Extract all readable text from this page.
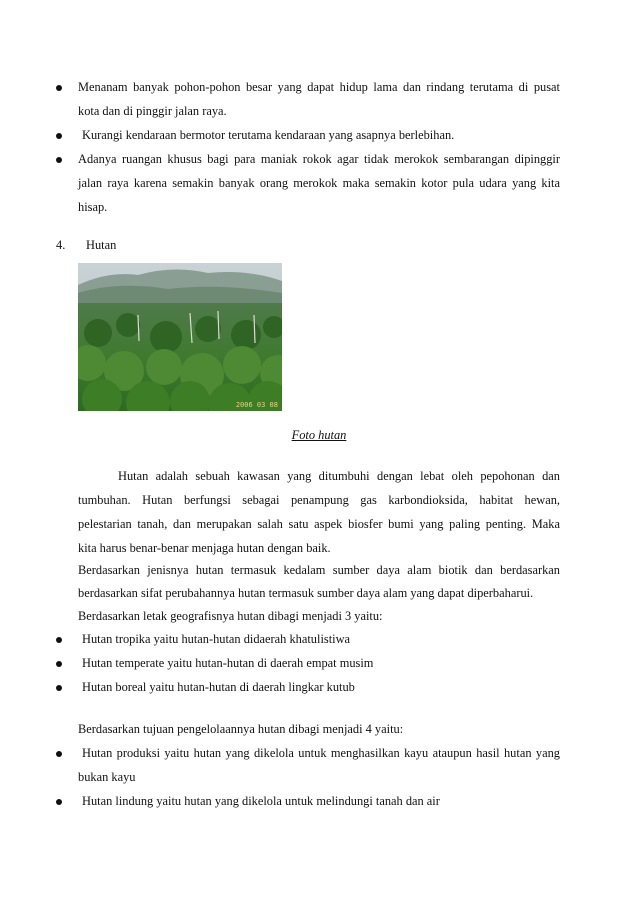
Menanam banyak pohon-pohon besar yang dapat hidup lama dan rindang terutama di pusat
kota dan di pinggir jalan raya.
Kurangi kendaraan bermotor terutama kendaraan yang asapnya berlebihan.
Adanya ruangan khusus bagi para maniak rokok agar tidak merokok sembarangan dipinggir
jalan raya karena semakin banyak orang merokok maka semakin kotor pula udara yang kita
hisap.
4. Hutan
2006 03 08
Foto hutan
Hutan adalah sebuah kawasan yang ditumbuhi dengan lebat oleh pepohonan dan
tumbuhan. Hutan berfungsi sebagai penampung gas karbondioksida, habitat hewan,
pelestarian tanah, dan merupakan salah satu aspek biosfer bumi yang paling penting. Maka
kita harus benar-benar menjaga hutan dengan baik.
Berdasarkan jenisnya hutan termasuk kedalam sumber daya alam biotik dan berdasarkan
berdasarkan sifat perubahannya hutan termasuk sumber daya alam yang dapat diperbaharui.
Berdasarkan letak geografisnya hutan dibagi menjadi 3 yaitu:
Hutan tropika yaitu hutan-hutan didaerah khatulistiwa
Hutan temperate yaitu hutan-hutan di daerah empat musim
Hutan boreal yaitu hutan-hutan di daerah lingkar kutub
Berdasarkan tujuan pengelolaannya hutan dibagi menjadi 4 yaitu:
Hutan produksi yaitu hutan yang dikelola untuk menghasilkan kayu ataupun hasil hutan yang
bukan kayu
Hutan lindung yaitu hutan yang dikelola untuk melindungi tanah dan air
